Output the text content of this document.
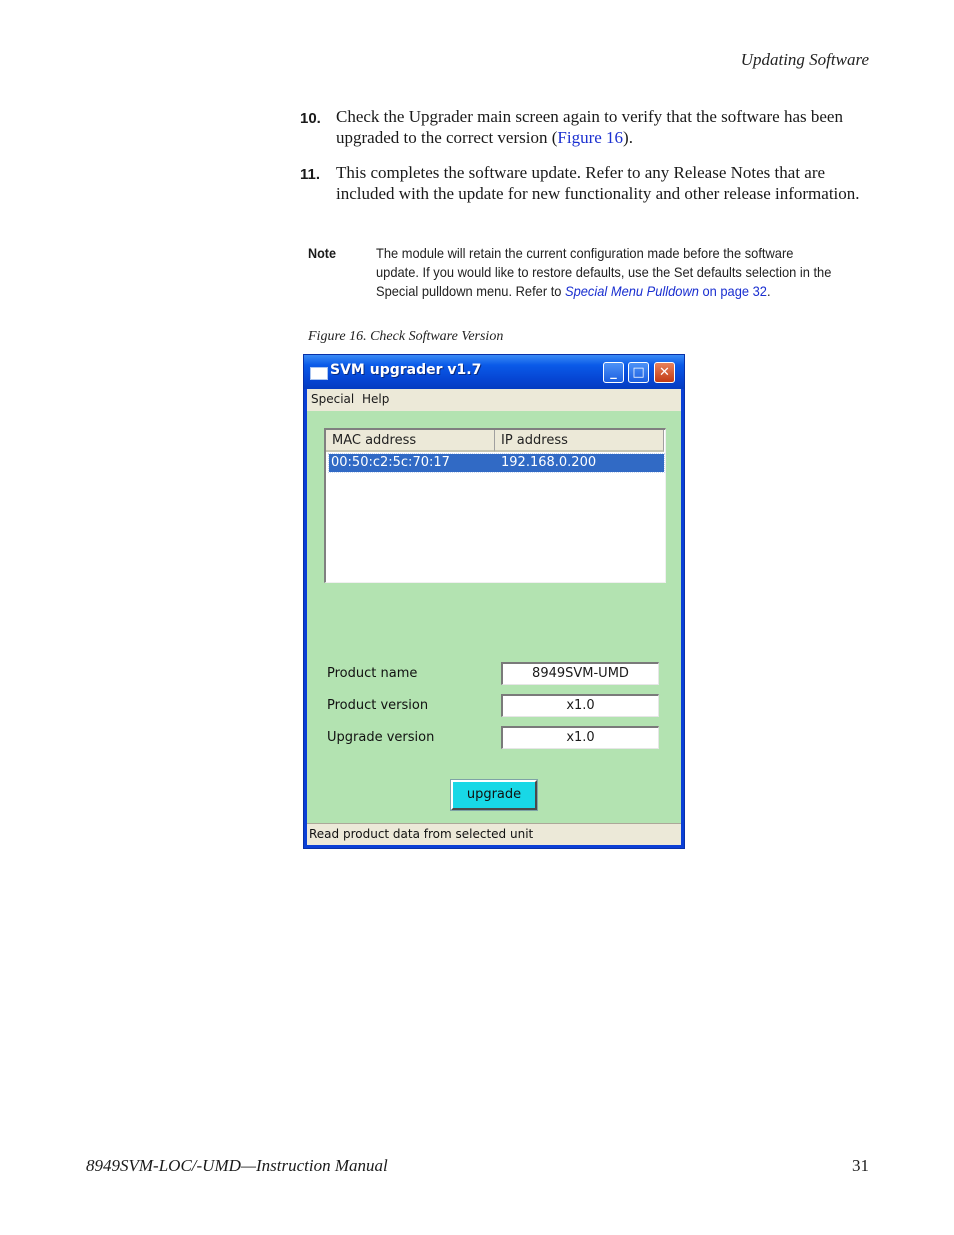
Updating Software
10. Check the Upgrader main screen again to verify that the software has been upgraded to the correct version (Figure 16).
11. This completes the software update. Refer to any Release Notes that are included with the update for new functionality and other release information.
Note	The module will retain the current configuration made before the software update. If you would like to restore defaults, use the Set defaults selection in the Special pulldown menu. Refer to Special Menu Pulldown on page 32.
Figure 16. Check Software Version
SVM upgrader v1.7	_	□	✕
Special Help
MAC address	IP address
00:50:c2:5c:70:17	192.168.0.200
Product name	8949SVM-UMD
Product version	x1.0
Upgrade version	x1.0
upgrade
Read product data from selected unit
8949SVM-LOC/-UMD—Instruction Manual	31
